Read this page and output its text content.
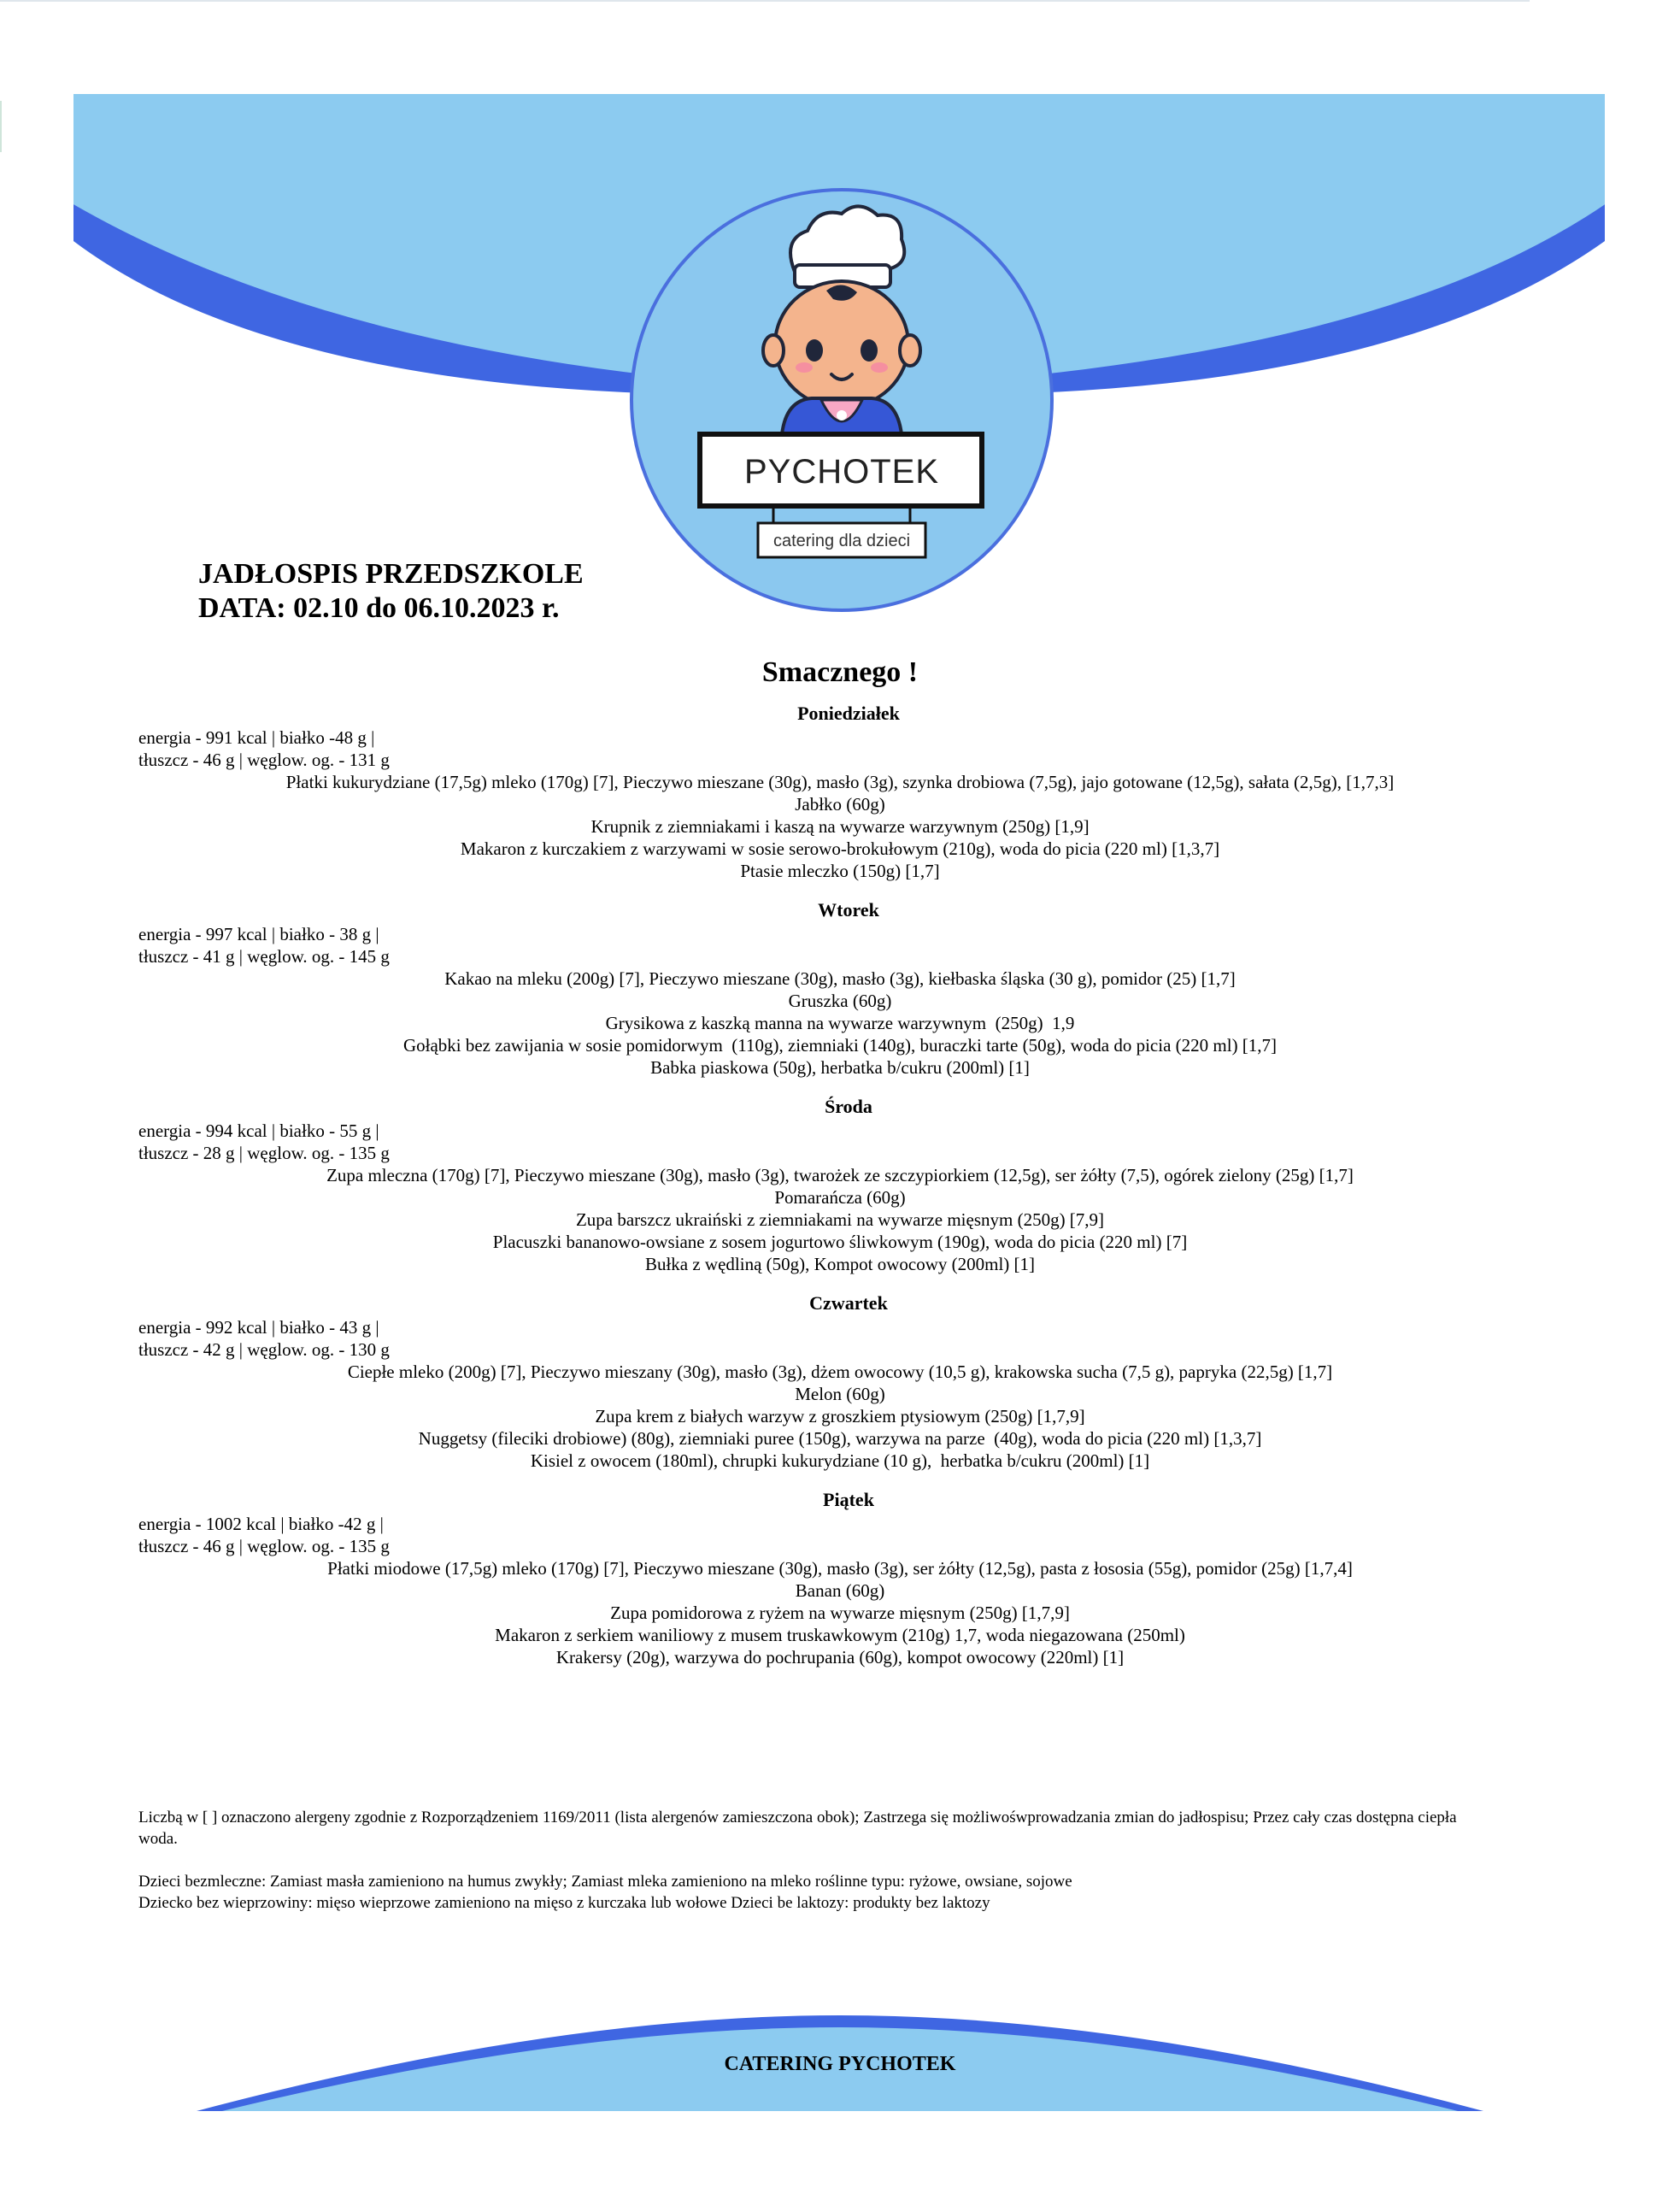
PYCHOTEK
catering dla dzieci
JADŁOSPIS PRZEDSZKOLE
DATA: 02.10 do 06.10.2023 r.
Smacznego !
Poniedziałek
energia - 991 kcal | białko -48 g |
tłuszcz - 46 g | węglow. og. - 131 g
Płatki kukurydziane (17,5g) mleko (170g) [7], Pieczywo mieszane (30g), masło (3g), szynka drobiowa (7,5g), jajo gotowane (12,5g), sałata (2,5g), [1,7,3]
Jabłko (60g)
Krupnik z ziemniakami i kaszą na wywarze warzywnym (250g) [1,9]
Makaron z kurczakiem z warzywami w sosie serowo-brokułowym (210g), woda do picia (220 ml) [1,3,7]
Ptasie mleczko (150g) [1,7]
Wtorek
energia - 997 kcal | białko - 38 g |
tłuszcz - 41 g | węglow. og. - 145 g
Kakao na mleku (200g) [7], Pieczywo mieszane (30g), masło (3g), kiełbaska śląska (30 g), pomidor (25) [1,7]
Gruszka (60g)
Grysikowa z kaszką manna na wywarze warzywnym  (250g)  1,9
Gołąbki bez zawijania w sosie pomidorwym  (110g), ziemniaki (140g), buraczki tarte (50g), woda do picia (220 ml) [1,7]
Babka piaskowa (50g), herbatka b/cukru (200ml) [1]
Środa
energia - 994 kcal | białko - 55 g |
tłuszcz - 28 g | węglow. og. - 135 g
Zupa mleczna (170g) [7], Pieczywo mieszane (30g), masło (3g), twarożek ze szczypiorkiem (12,5g), ser żółty (7,5), ogórek zielony (25g) [1,7]
Pomarańcza (60g)
Zupa barszcz ukraiński z ziemniakami na wywarze mięsnym (250g) [7,9]
Placuszki bananowo-owsiane z sosem jogurtowo śliwkowym (190g), woda do picia (220 ml) [7]
Bułka z wędliną (50g), Kompot owocowy (200ml) [1]
Czwartek
energia - 992 kcal | białko - 43 g |
tłuszcz - 42 g | węglow. og. - 130 g
Ciepłe mleko (200g) [7], Pieczywo mieszany (30g), masło (3g), dżem owocowy (10,5 g), krakowska sucha (7,5 g), papryka (22,5g) [1,7]
Melon (60g)
Zupa krem z białych warzyw z groszkiem ptysiowym (250g) [1,7,9]
Nuggetsy (fileciki drobiowe) (80g), ziemniaki puree (150g), warzywa na parze  (40g), woda do picia (220 ml) [1,3,7]
Kisiel z owocem (180ml), chrupki kukurydziane (10 g),  herbatka b/cukru (200ml) [1]
Piątek
energia - 1002 kcal | białko -42 g |
tłuszcz - 46 g | węglow. og. - 135 g
Płatki miodowe (17,5g) mleko (170g) [7], Pieczywo mieszane (30g), masło (3g), ser żółty (12,5g), pasta z łososia (55g), pomidor (25g) [1,7,4]
Banan (60g)
Zupa pomidorowa z ryżem na wywarze mięsnym (250g) [1,7,9]
Makaron z serkiem waniliowy z musem truskawkowym (210g) 1,7, woda niegazowana (250ml)
Krakersy (20g), warzywa do pochrupania (60g), kompot owocowy (220ml) [1]

Liczbą w [ ] oznaczono alergeny zgodnie z Rozporządzeniem 1169/2011 (lista alergenów zamieszczona obok); Zastrzega się możliwośwprowadzania zmian do jadłospisu; Przez cały czas dostępna ciepła
woda.

Dzieci bezmleczne: Zamiast masła zamieniono na humus zwykły; Zamiast mleka zamieniono na mleko roślinne typu: ryżowe, owsiane, sojowe
Dziecko bez wieprzowiny: mięso wieprzowe zamieniono na mięso z kurczaka lub wołowe Dzieci be laktozy: produkty bez laktozy

CATERING PYCHOTEK
